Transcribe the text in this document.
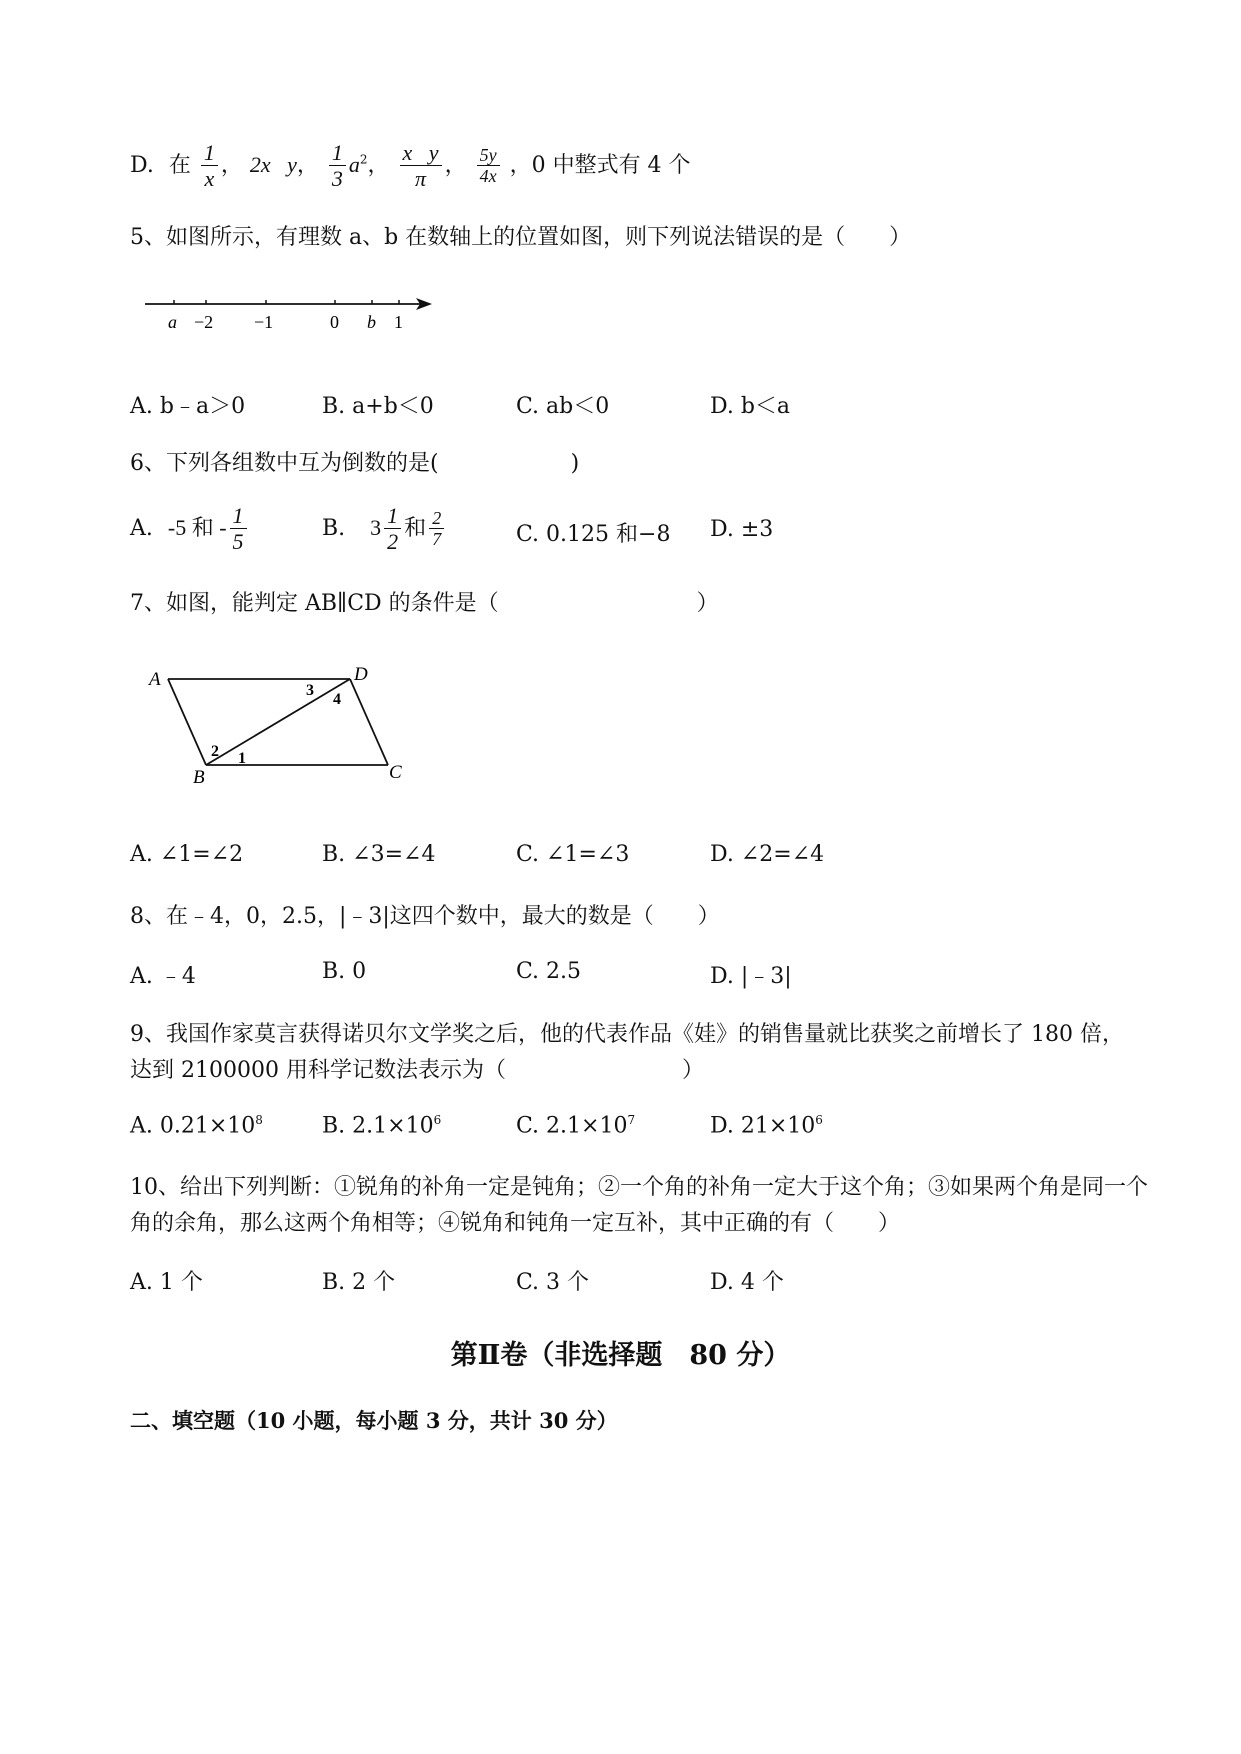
D. 在 $\frac{1}{x}$ ， 2x   y， $\frac{1}{3} a^2$， $\frac{\text{x   y}}{\pi}$ ， $\frac{5y}{4x}$ ，0 中整式有 4 个
5、如图所示，有理数 a、b 在数轴上的位置如图，则下列说法错误的是（　　）
a −2 −1	0 b 1
A. b﹣a＞0	B. a+b＜0	C. ab＜0	D. b＜a
6、下列各组数中互为倒数的是(　　　　　　)
A. -5 和 - $\frac{1}{5}$	B. $3 \frac{1}{2}$ 和 $\frac{2}{7}$	C. 0.125 和−8 D. ±3
7、如图，能判定 AB∥CD 的条件是（　　　　　　　　　）
A	D
B	C
1
2
3
4
A. ∠1=∠2	B. ∠3=∠4	C. ∠1=∠3	D. ∠2=∠4
8、在﹣4，0，2.5，|﹣3|这四个数中，最大的数是（　　）
A. ﹣4	B. 0	C. 2.5	D. |﹣3|
9、我国作家莫言获得诺贝尔文学奖之后，他的代表作品《娃》的销售量就比获奖之前增长了 180 倍，
达到 2100000 用科学记数法表示为（　　　　　　　　）
A. $0.21\times 10^8$	B. $2.1\times 10^6$	C. $2.1\times 10^7$	D. $21\times 10^6$
10、给出下列判断：①锐角的补角一定是钝角；②一个角的补角一定大于这个角；③如果两个角是同一个
角的余角，那么这两个角相等；④锐角和钝角一定互补，其中正确的有（　　）
A. 1 个	B. 2 个	C. 3 个	D. 4 个
第Ⅱ卷（非选择题　80 分）
二、填空题（10 小题，每小题 3 分，共计 30 分）
